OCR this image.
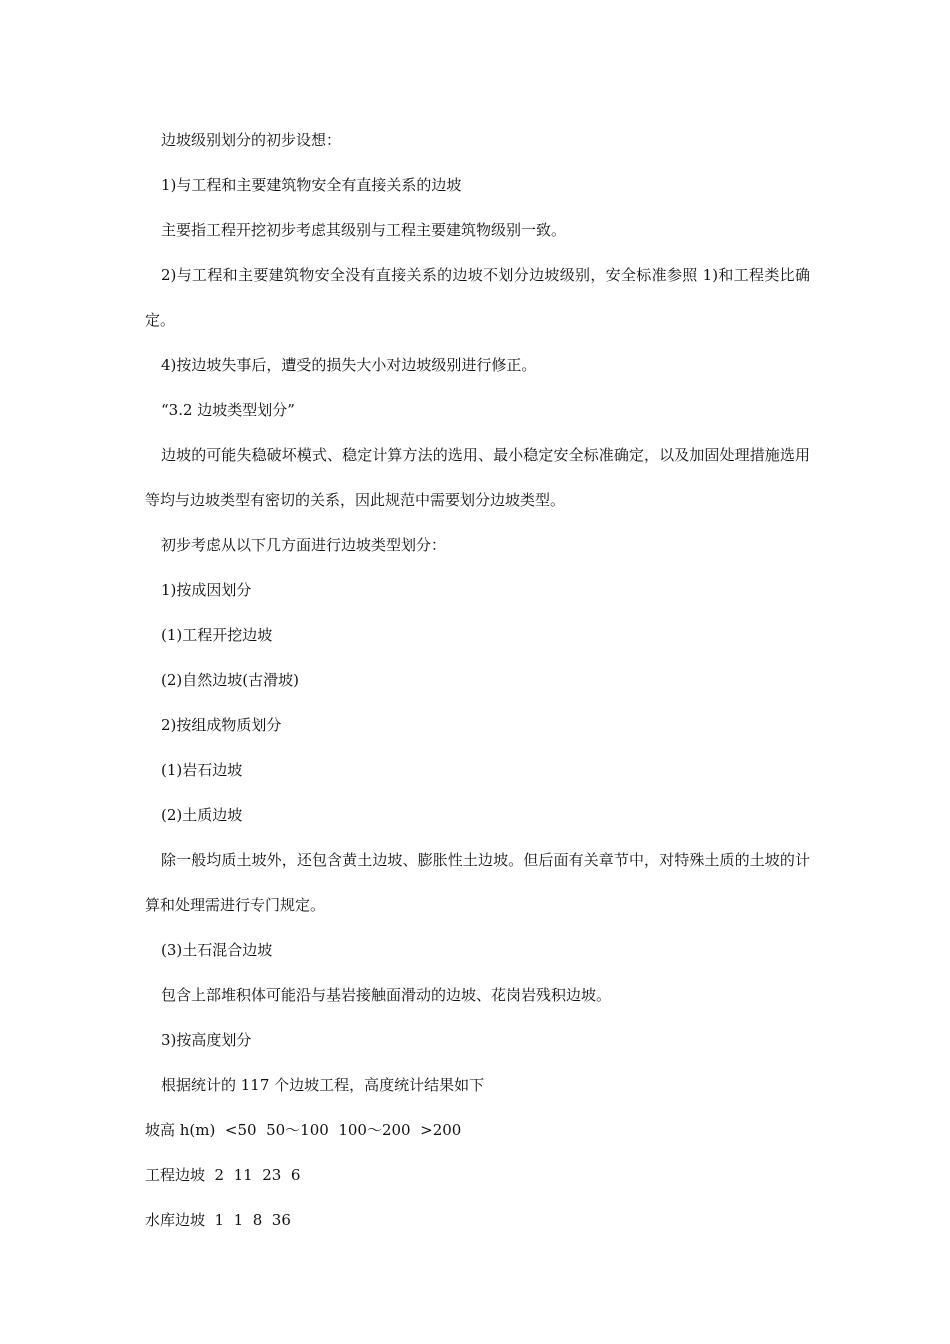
边坡级别划分的初步设想：

1)与工程和主要建筑物安全有直接关系的边坡

主要指工程开挖初步考虑其级别与工程主要建筑物级别一致。

2)与工程和主要建筑物安全没有直接关系的边坡不划分边坡级别，安全标准参照 1)和工程类比确定。

4)按边坡失事后，遭受的损失大小对边坡级别进行修正。

“3.2 边坡类型划分”

边坡的可能失稳破坏模式、稳定计算方法的选用、最小稳定安全标准确定，以及加固处理措施选用等均与边坡类型有密切的关系，因此规范中需要划分边坡类型。

初步考虑从以下几方面进行边坡类型划分：

1)按成因划分

(1)工程开挖边坡

(2)自然边坡(古滑坡)

2)按组成物质划分

(1)岩石边坡

(2)土质边坡

除一般均质土坡外，还包含黄土边坡、膨胀性土边坡。但后面有关章节中，对特殊土质的土坡的计算和处理需进行专门规定。

(3)土石混合边坡

包含上部堆积体可能沿与基岩接触面滑动的边坡、花岗岩残积边坡。

3)按高度划分

根据统计的 117 个边坡工程，高度统计结果如下

坡高 h(m)  <50  50～100  100～200  >200

工程边坡  2  11  23  6

水库边坡  1  1  8  36
